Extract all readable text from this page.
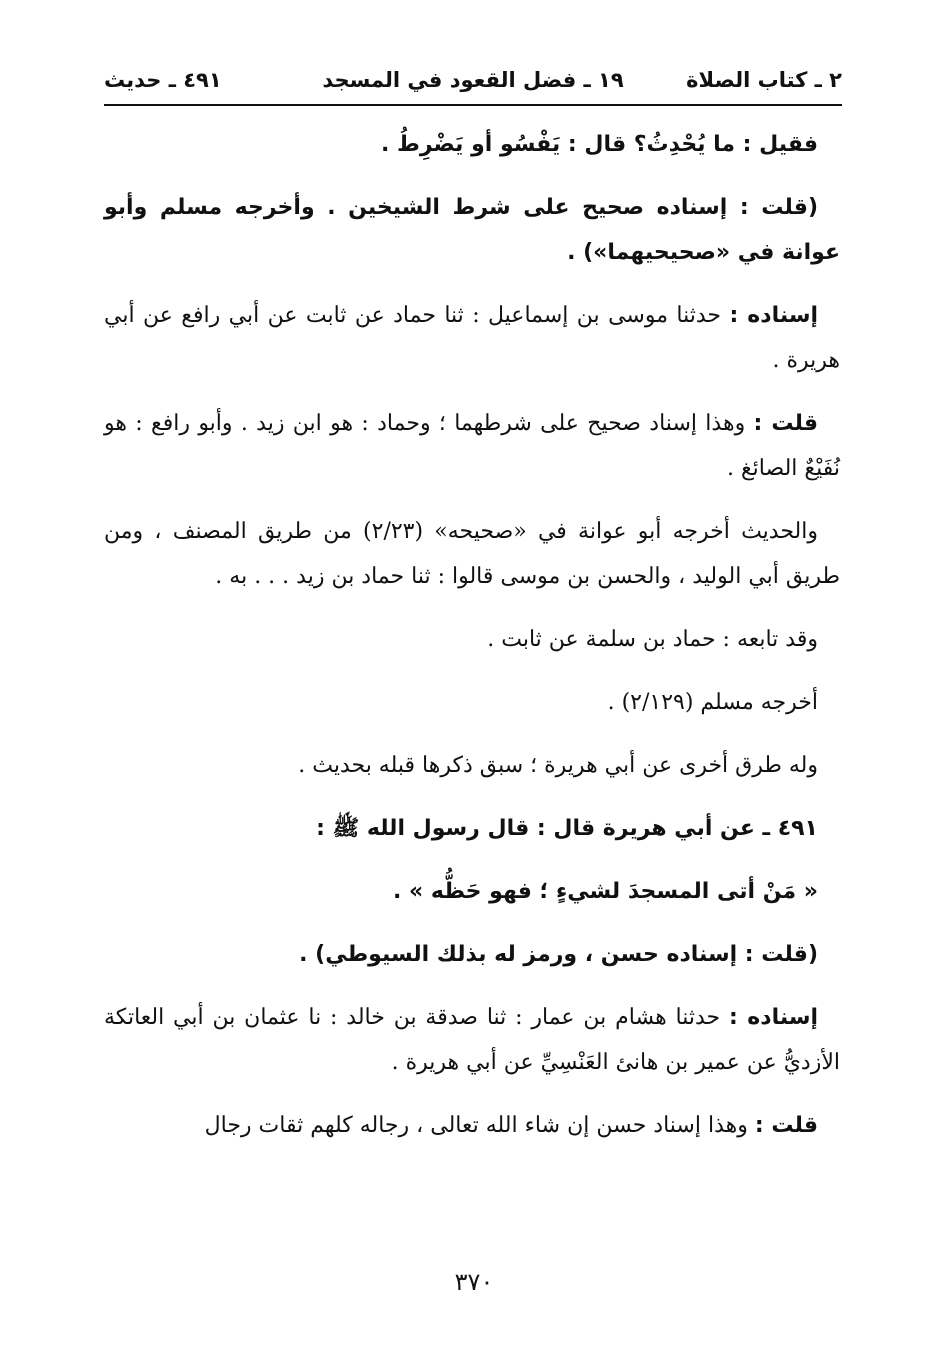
٢ ـ كتاب الصلاة
١٩ ـ فضل القعود في المسجد
٤٩١ ـ حديث

فقيل : ما يُحْدِثُ؟ قال : يَفْسُو أو يَضْرِطُ .

(قلت : إسناده صحيح على شرط الشيخين . وأخرجه مسلم وأبو عوانة في «صحيحيهما») .

إسناده : حدثنا موسى بن إسماعيل : ثنا حماد عن ثابت عن أبي رافع عن أبي هريرة .

قلت : وهذا إسناد صحيح على شرطهما ؛ وحماد : هو ابن زيد . وأبو رافع : هو نُفَيْعٌ الصائغ .

والحديث أخرجه أبو عوانة في «صحيحه» (٢/٢٣) من طريق المصنف ، ومن طريق أبي الوليد ، والحسن بن موسى قالوا : ثنا حماد بن زيد . . . به .

وقد تابعه : حماد بن سلمة عن ثابت .

أخرجه مسلم (٢/١٢٩) .

وله طرق أخرى عن أبي هريرة ؛ سبق ذكرها قبله بحديث .

٤٩١ ـ عن أبي هريرة قال : قال رسول الله ﷺ :

« مَنْ أتى المسجدَ لشيءٍ ؛ فهو حَظُّه » .

(قلت : إسناده حسن ، ورمز له بذلك السيوطي) .

إسناده : حدثنا هشام بن عمار : ثنا صدقة بن خالد : نا عثمان بن أبي العاتكة الأزديُّ عن عمير بن هانئ العَنْسِيِّ عن أبي هريرة .

قلت : وهذا إسناد حسن إن شاء الله تعالى ، رجاله كلهم ثقات رجال

٣٧٠
